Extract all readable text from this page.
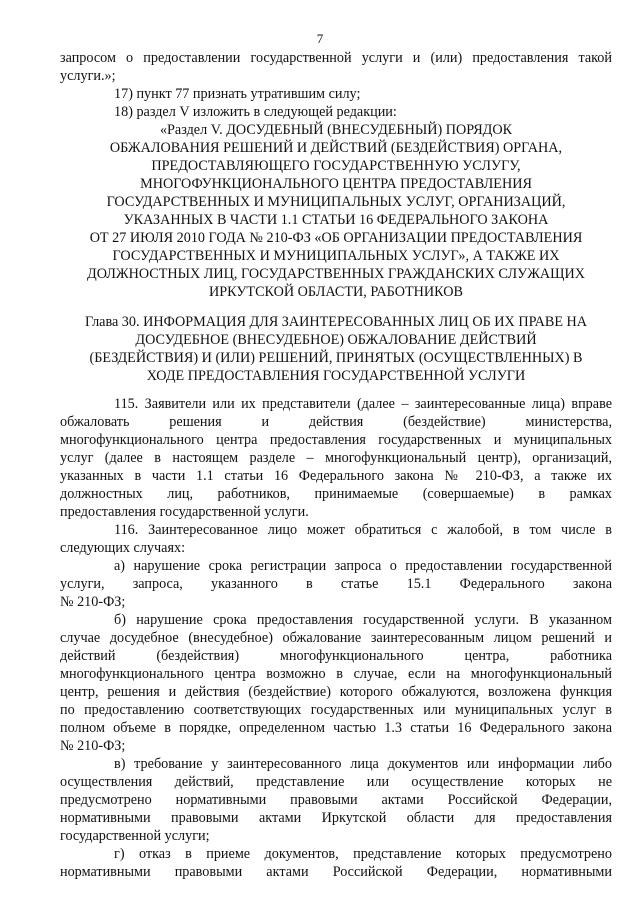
7

запросом о предоставлении государственной услуги и (или) предоставления такой

услуги.»;

17) пункт 77 признать утратившим силу;

18) раздел V изложить в следующей редакции:

«Раздел V. ДОСУДЕБНЫЙ (ВНЕСУДЕБНЫЙ) ПОРЯДОК

ОБЖАЛОВАНИЯ РЕШЕНИЙ И ДЕЙСТВИЙ (БЕЗДЕЙСТВИЯ) ОРГАНА,

ПРЕДОСТАВЛЯЮЩЕГО ГОСУДАРСТВЕННУЮ УСЛУГУ,

МНОГОФУНКЦИОНАЛЬНОГО ЦЕНТРА ПРЕДОСТАВЛЕНИЯ

ГОСУДАРСТВЕННЫХ И МУНИЦИПАЛЬНЫХ УСЛУГ, ОРГАНИЗАЦИЙ,

УКАЗАННЫХ В ЧАСТИ 1.1 СТАТЬИ 16 ФЕДЕРАЛЬНОГО ЗАКОНА

ОТ 27 ИЮЛЯ 2010 ГОДА № 210-ФЗ «ОБ ОРГАНИЗАЦИИ ПРЕДОСТАВЛЕНИЯ

ГОСУДАРСТВЕННЫХ И МУНИЦИПАЛЬНЫХ УСЛУГ», А ТАКЖЕ ИХ

ДОЛЖНОСТНЫХ ЛИЦ, ГОСУДАРСТВЕННЫХ ГРАЖДАНСКИХ СЛУЖАЩИХ

ИРКУТСКОЙ ОБЛАСТИ, РАБОТНИКОВ

Глава 30. ИНФОРМАЦИЯ ДЛЯ ЗАИНТЕРЕСОВАННЫХ ЛИЦ ОБ ИХ ПРАВЕ НА

ДОСУДЕБНОЕ (ВНЕСУДЕБНОЕ) ОБЖАЛОВАНИЕ ДЕЙСТВИЙ

(БЕЗДЕЙСТВИЯ) И (ИЛИ) РЕШЕНИЙ, ПРИНЯТЫХ (ОСУЩЕСТВЛЕННЫХ) В

ХОДЕ ПРЕДОСТАВЛЕНИЯ ГОСУДАРСТВЕННОЙ УСЛУГИ

115. Заявители или их представители (далее – заинтересованные лица) вправе

обжаловать решения и действия (бездействие) министерства,

многофункционального центра предоставления государственных и муниципальных

услуг (далее в настоящем разделе – многофункциональный центр), организаций,

указанных в части 1.1 статьи 16 Федерального закона № 210-ФЗ, а также их

должностных лиц, работников, принимаемые (совершаемые) в рамках

предоставления государственной услуги.

116. Заинтересованное лицо может обратиться с жалобой, в том числе в

следующих случаях:

а) нарушение срока регистрации запроса о предоставлении государственной

услуги, запроса, указанного в статье 15.1 Федерального закона

№ 210-ФЗ;

б) нарушение срока предоставления государственной услуги. В указанном

случае досудебное (внесудебное) обжалование заинтересованным лицом решений и

действий (бездействия) многофункционального центра, работника

многофункционального центра возможно в случае, если на многофункциональный

центр, решения и действия (бездействие) которого обжалуются, возложена функция

по предоставлению соответствующих государственных или муниципальных услуг в

полном объеме в порядке, определенном частью 1.3 статьи 16 Федерального закона

№ 210-ФЗ;

в) требование у заинтересованного лица документов или информации либо

осуществления действий, представление или осуществление которых не

предусмотрено нормативными правовыми актами Российской Федерации,

нормативными правовыми актами Иркутской области для предоставления

государственной услуги;

г) отказ в приеме документов, представление которых предусмотрено

нормативными правовыми актами Российской Федерации, нормативными
